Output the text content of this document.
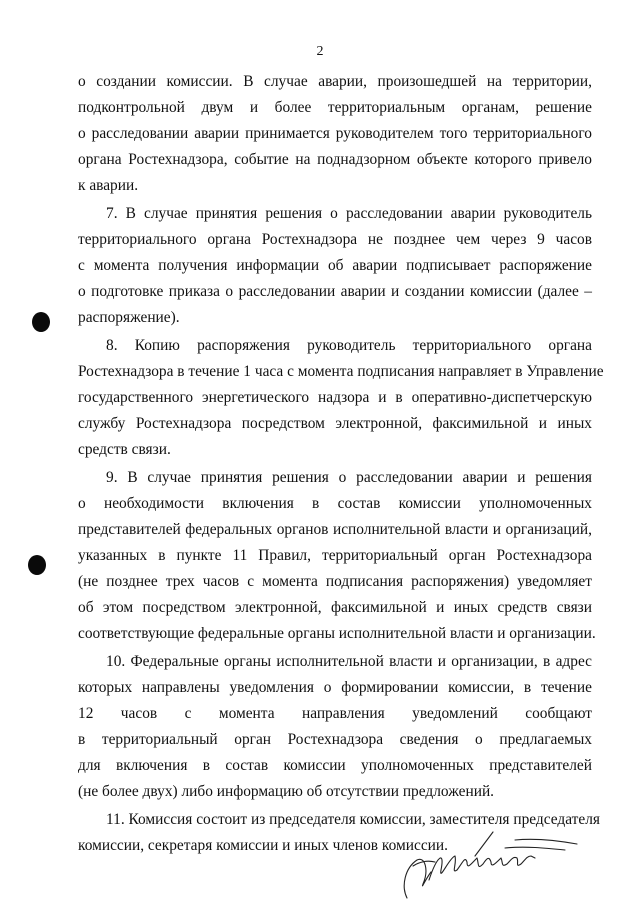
2
о создании комиссии. В случае аварии, произошедшей на территории,
подконтрольной двум и более территориальным органам, решение
о расследовании аварии принимается руководителем того территориального
органа Ростехнадзора, событие на поднадзорном объекте которого привело
к аварии.
7. В случае принятия решения о расследовании аварии руководитель
территориального органа Ростехнадзора не позднее чем через 9 часов
с момента получения информации об аварии подписывает распоряжение
о подготовке приказа о расследовании аварии и создании комиссии (далее –
распоряжение).
8. Копию распоряжения руководитель территориального органа
Ростехнадзора в течение 1 часа с момента подписания направляет в Управление
государственного энергетического надзора и в оперативно-диспетчерскую
службу Ростехнадзора посредством электронной, факсимильной и иных
средств связи.
9. В случае принятия решения о расследовании аварии и решения
о необходимости включения в состав комиссии уполномоченных
представителей федеральных органов исполнительной власти и организаций,
указанных в пункте 11 Правил, территориальный орган Ростехнадзора
(не позднее трех часов с момента подписания распоряжения) уведомляет
об этом посредством электронной, факсимильной и иных средств связи
соответствующие федеральные органы исполнительной власти и организации.
10. Федеральные органы исполнительной власти и организации, в адрес
которых направлены уведомления о формировании комиссии, в течение
12 часов с момента направления уведомлений сообщают
в территориальный орган Ростехнадзора сведения о предлагаемых
для включения в состав комиссии уполномоченных представителей
(не более двух) либо информацию об отсутствии предложений.
11. Комиссия состоит из председателя комиссии, заместителя председателя
комиссии, секретаря комиссии и иных членов комиссии.
